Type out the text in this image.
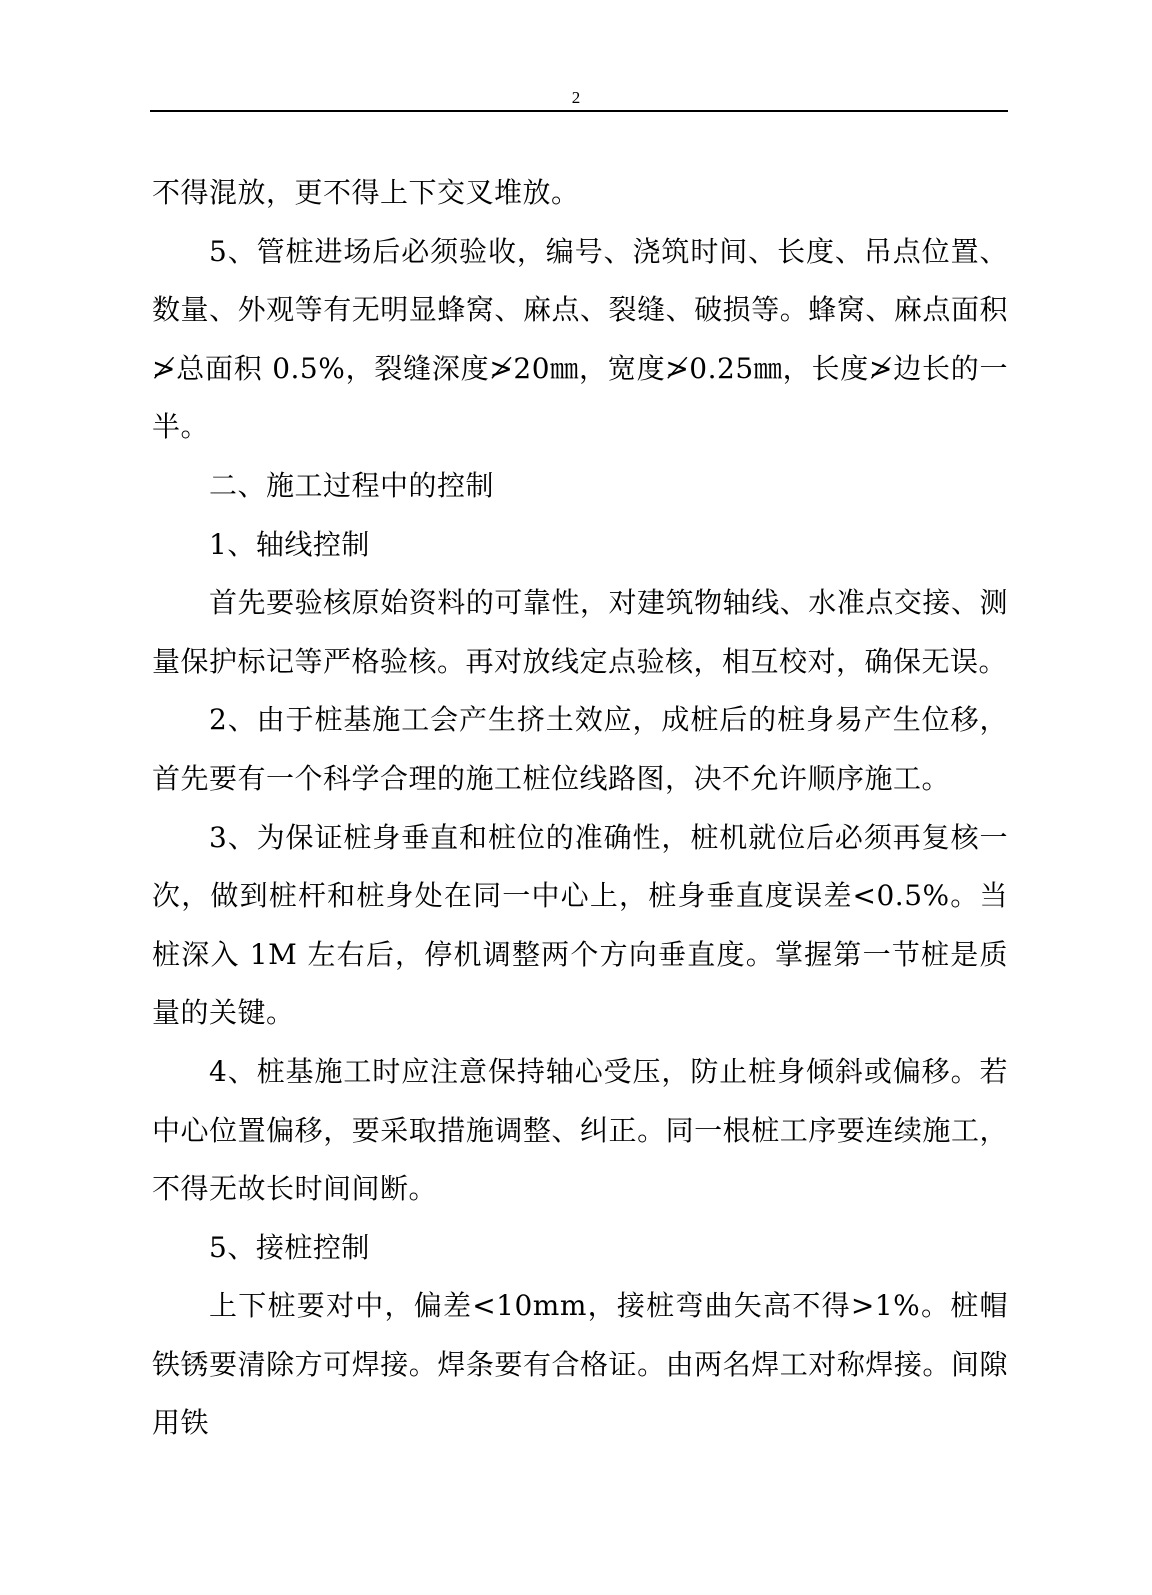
2

不得混放，更不得上下交叉堆放。

5、管桩进场后必须验收，编号、浇筑时间、长度、吊点位置、数量、外观等有无明显蜂窝、麻点、裂缝、破损等。蜂窝、麻点面积≯总面积 0.5%，裂缝深度≯20㎜，宽度≯0.25㎜，长度≯边长的一半。

二、施工过程中的控制

1、轴线控制

首先要验核原始资料的可靠性，对建筑物轴线、水准点交接、测量保护标记等严格验核。再对放线定点验核，相互校对，确保无误。

2、由于桩基施工会产生挤土效应，成桩后的桩身易产生位移，首先要有一个科学合理的施工桩位线路图，决不允许顺序施工。

3、为保证桩身垂直和桩位的准确性，桩机就位后必须再复核一次，做到桩杆和桩身处在同一中心上，桩身垂直度误差<0.5%。当桩深入 1M 左右后，停机调整两个方向垂直度。掌握第一节桩是质量的关键。

4、桩基施工时应注意保持轴心受压，防止桩身倾斜或偏移。若中心位置偏移，要采取措施调整、纠正。同一根桩工序要连续施工，不得无故长时间间断。

5、接桩控制

上下桩要对中，偏差<10mm，接桩弯曲矢高不得>1%。桩帽铁锈要清除方可焊接。焊条要有合格证。由两名焊工对称焊接。间隙用铁
